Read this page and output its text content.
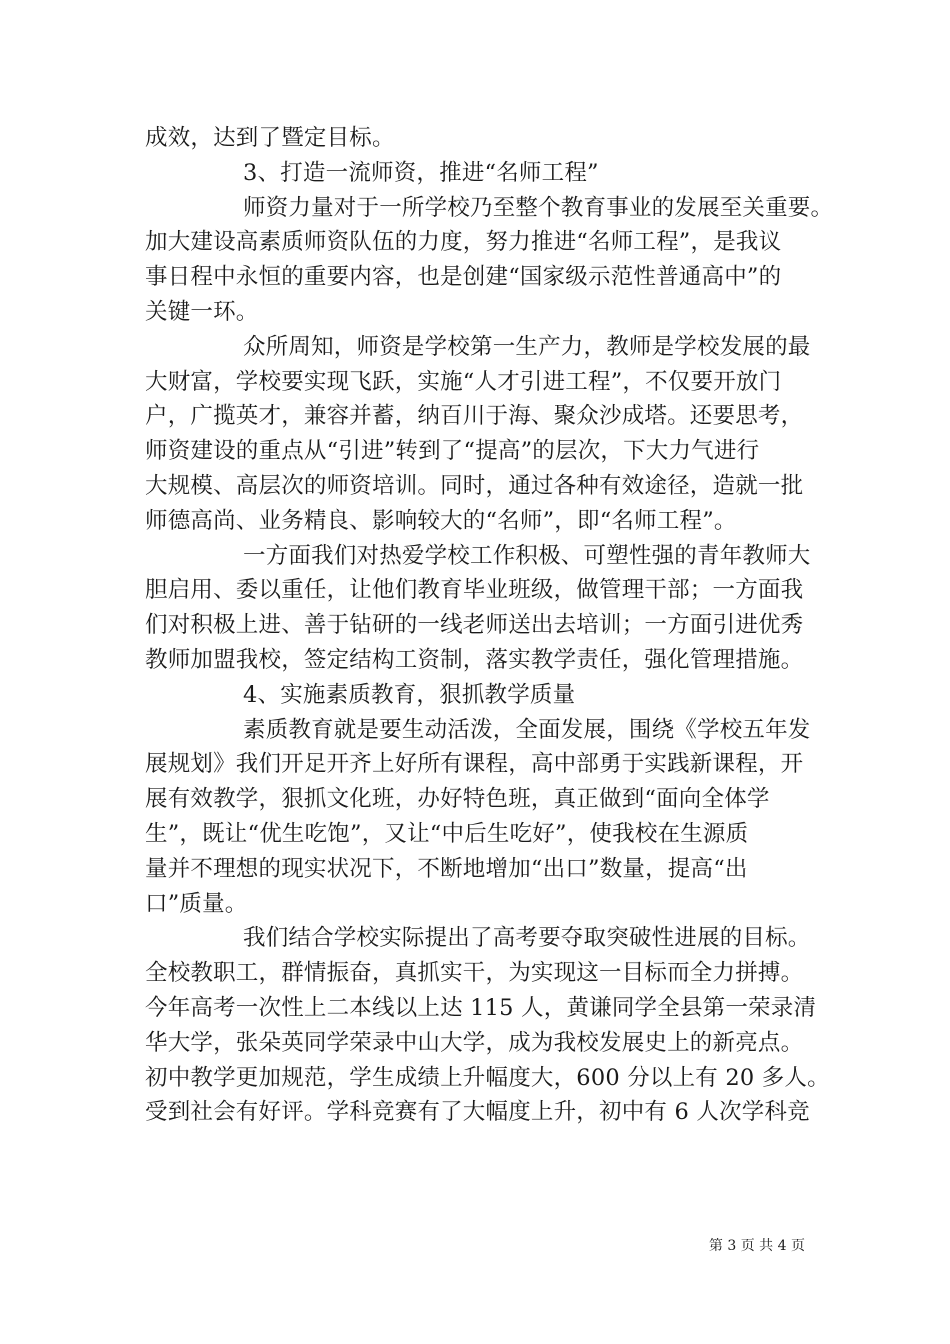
成效，达到了暨定目标。
3、打造一流师资，推进“名师工程”
师资力量对于一所学校乃至整个教育事业的发展至关重要。
加大建设高素质师资队伍的力度，努力推进“名师工程”，是我议
事日程中永恒的重要内容，也是创建“国家级示范性普通高中”的
关键一环。
众所周知，师资是学校第一生产力，教师是学校发展的最
大财富，学校要实现飞跃，实施“人才引进工程”，不仅要开放门
户，广揽英才，兼容并蓄，纳百川于海、聚众沙成塔。还要思考，
师资建设的重点从“引进”转到了“提高”的层次，下大力气进行
大规模、高层次的师资培训。同时，通过各种有效途径，造就一批
师德高尚、业务精良、影响较大的“名师”，即“名师工程”。
一方面我们对热爱学校工作积极、可塑性强的青年教师大
胆启用、委以重任，让他们教育毕业班级，做管理干部；一方面我
们对积极上进、善于钻研的一线老师送出去培训；一方面引进优秀
教师加盟我校，签定结构工资制，落实教学责任，强化管理措施。
4、实施素质教育，狠抓教学质量
素质教育就是要生动活泼，全面发展，围绕《学校五年发
展规划》我们开足开齐上好所有课程，高中部勇于实践新课程，开
展有效教学，狠抓文化班，办好特色班，真正做到“面向全体学
生”，既让“优生吃饱”，又让“中后生吃好”，使我校在生源质
量并不理想的现实状况下，不断地增加“出口”数量，提高“出
口”质量。
我们结合学校实际提出了高考要夺取突破性进展的目标。
全校教职工，群情振奋，真抓实干，为实现这一目标而全力拼搏。
今年高考一次性上二本线以上达 115 人，黄谦同学全县第一荣录清
华大学，张朵英同学荣录中山大学，成为我校发展史上的新亮点。
初中教学更加规范，学生成绩上升幅度大，600 分以上有 20 多人。
受到社会有好评。学科竞赛有了大幅度上升，初中有 6 人次学科竞
第 3 页 共 4 页
